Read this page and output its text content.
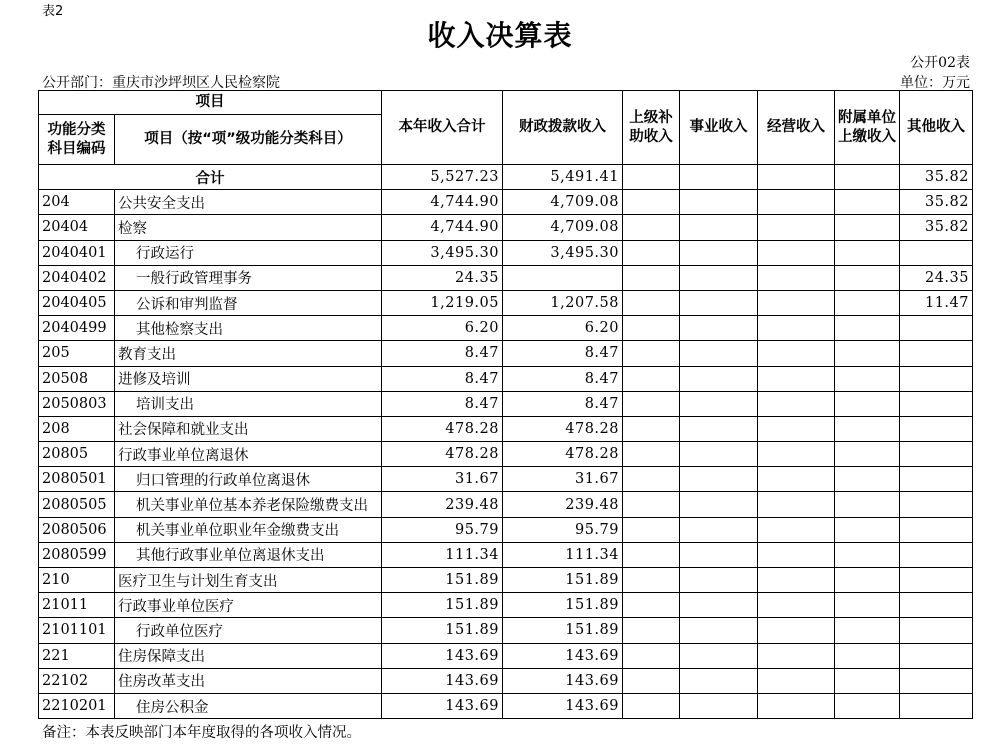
表2
收入决算表
公开02表
公开部门：重庆市沙坪坝区人民检察院	单位：万元
项目		本年收入合计	财政拨款收入	上级补助收入	事业收入	经营收入	附属单位上缴收入	其他收入
功能分类科目编码	项目（按“项”级功能分类科目）							
合计		5,527.23	5,491.41					35.82
204	公共安全支出	4,744.90	4,709.08					35.82
20404	检察	4,744.90	4,709.08					35.82
2040401	行政运行	3,495.30	3,495.30					
2040402	一般行政管理事务	24.35						24.35
2040405	公诉和审判监督	1,219.05	1,207.58					11.47
2040499	其他检察支出	6.20	6.20					
205	教育支出	8.47	8.47					
20508	进修及培训	8.47	8.47					
2050803	培训支出	8.47	8.47					
208	社会保障和就业支出	478.28	478.28					
20805	行政事业单位离退休	478.28	478.28					
2080501	归口管理的行政单位离退休	31.67	31.67					
2080505	机关事业单位基本养老保险缴费支出	239.48	239.48					
2080506	机关事业单位职业年金缴费支出	95.79	95.79					
2080599	其他行政事业单位离退休支出	111.34	111.34					
210	医疗卫生与计划生育支出	151.89	151.89					
21011	行政事业单位医疗	151.89	151.89					
2101101	行政单位医疗	151.89	151.89					
221	住房保障支出	143.69	143.69					
22102	住房改革支出	143.69	143.69					
2210201	住房公积金	143.69	143.69					
备注：本表反映部门本年度取得的各项收入情况。
